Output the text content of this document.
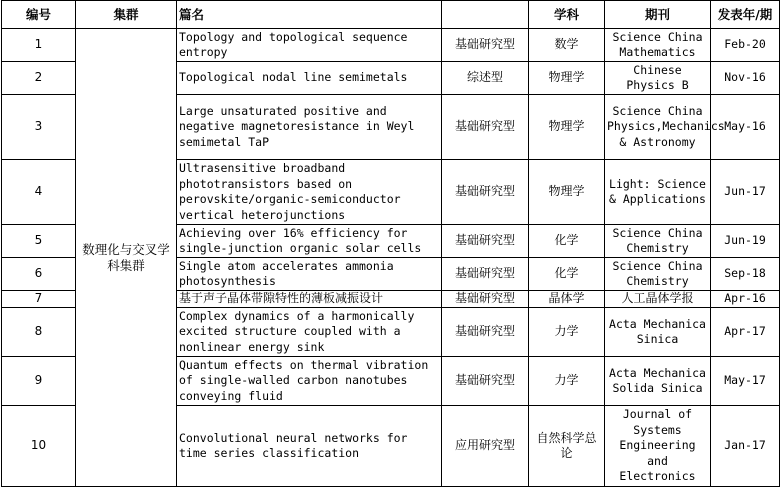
编号	集群	篇名		学科	期刊	发表年/期
1	数理化与交叉学科集群	Topology and topological sequence entropy	基础研究型	数学	Science China Mathematics	Feb-20
2		Topological nodal line semimetals	综述型	物理学	Chinese Physics B	Nov-16
3		Large unsaturated positive and negative magnetoresistance in Weyl semimetal TaP	基础研究型	物理学	Science China Physics,Mechanics & Astronomy	May-16
4		Ultrasensitive broadband phototransistors based on perovskite/organic-semiconductor vertical heterojunctions	基础研究型	物理学	Light: Science & Applications	Jun-17
5		Achieving over 16% efficiency for single-junction organic solar cells	基础研究型	化学	Science China Chemistry	Jun-19
6		Single atom accelerates ammonia photosynthesis	基础研究型	化学	Science China Chemistry	Sep-18
7		基于声子晶体带隙特性的薄板减振设计	基础研究型	晶体学	人工晶体学报	Apr-16
8		Complex dynamics of a harmonically excited structure coupled with a nonlinear energy sink	基础研究型	力学	Acta Mechanica Sinica	Apr-17
9		Quantum effects on thermal vibration of single-walled carbon nanotubes conveying fluid	基础研究型	力学	Acta Mechanica Solida Sinica	May-17
10		Convolutional neural networks for time series classification	应用研究型	自然科学总论	Journal of Systems Engineering and Electronics	Jan-17
